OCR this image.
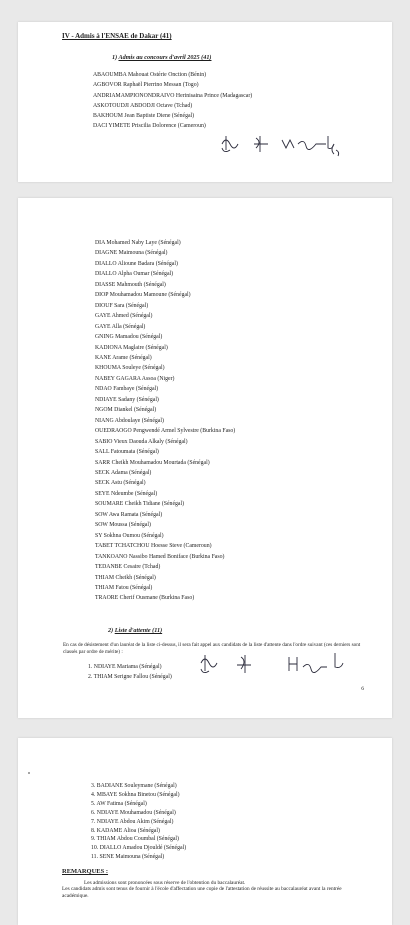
IV - Admis à l'ENSAE de Dakar (41)
1) Admis au concours d'avril 2025 (41)
ABAOUMBA Mahouat Ostérie Onction (Bénin)
AGBOVOR Raphaël Pierrino Messan (Togo)
ANDRIAMAMPIONONDRAIVO Herinisaina Prince (Madagascar)
ASKOTOUDJI ABDODJI Octave (Tchad)
BAKHOUM Jean Baptiste Diene (Sénégal)
DACI YIMETE Priscilia Dolorence (Cameroun)
DIA Mohamed Naby Laye (Sénégal)
DIAGNE Maimouna (Sénégal)
DIALLO Alioune Badara (Sénégal)
DIALLO Alpha Oumar (Sénégal)
DIASSE Mahmouth (Sénégal)
DIOP Mouhamadou Mamoune (Sénégal)
DIOUF Sara (Sénégal)
GAYE Ahmed (Sénégal)
GAYE Alla (Sénégal)
GNING Mamadou (Sénégal)
KADIONA Maglaire (Sénégal)
KANE Arame (Sénégal)
KHOUMA Souleye (Sénégal)
NABEY GAGARA Assoa (Niger)
NDAO Fambaye (Sénégal)
NDIAYE Sadany (Sénégal)
NGOM Diankel (Sénégal)
NIANG Abdoulaye (Sénégal)
OUEDRAOGO Pengwendé Armel Sylvestre (Burkina Faso)
SABIO Vieux Daouda Alkaly (Sénégal)
SALL Fatoumata (Sénégal)
SARR Cheikh Mouhamadou Mourtada (Sénégal)
SECK Adama (Sénégal)
SECK Astu (Sénégal)
SEYE Ndeumbe (Sénégal)
SOUMARE Cheikh Tidiane (Sénégal)
SOW Awa Ramata (Sénégal)
SOW Moussa (Sénégal)
SY Sokhna Oumou (Sénégal)
TABET TCHATCHOU Hoesse Steve (Cameroun)
TANKOANO Nassibo Hamed Boniface (Burkina Faso)
TEDANBE Cesaire (Tchad)
THIAM Cheikh (Sénégal)
THIAM Fatou (Sénégal)
TRAORE Cherif Ousmane (Burkina Faso)
2) Liste d'attente (11)
En cas de désistement d'un lauréat de la liste ci-dessus, il sera fait appel aux candidats de la liste d'attente dans l'ordre suivant (ces derniers sont classés par ordre de mérite) :
1. NDIAYE Mariama (Sénégal)
2. THIAM Serigne Fallou (Sénégal)
6
3. BADIANE Souleymane (Sénégal)
4. MBAYE Sokhna Binetou (Sénégal)
5. AW Fatima (Sénégal)
6. NDIAYE Mouhamadou (Sénégal)
7. NDIAYE Abdou Akim (Sénégal)
8. KADAME Alioa (Sénégal)
9. THIAM Abdou Coumbal (Sénégal)
10. DIALLO Amadou Djouldé (Sénégal)
11. SENE Maimouna (Sénégal)
REMARQUES :

Les admissions sont prononcées sous réserve de l'obtention du baccalauréat.

Les candidats admis sont tenus de fournir à l'école d'affectation une copie de l'attestation de réussite au baccalauréat avant la rentrée académique.
